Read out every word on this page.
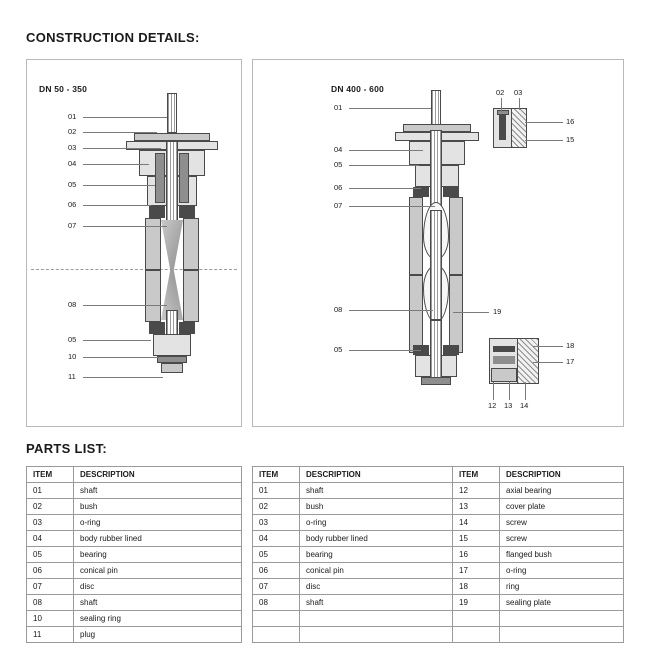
CONSTRUCTION DETAILS:
PARTS LIST:
DN 50 - 350
01
02
03
04
05
06
07
08
05
10
11
DN 400 - 600
01
04
05
06
07
08
05
02 03
16
15
19
18
17
12 13 14
ITEM	DESCRIPTION
01	shaft
02	bush
03	o-ring
04	body rubber lined
05	bearing
06	conical pin
07	disc
08	shaft
10	sealing ring
11	plug
ITEM	DESCRIPTION	ITEM	DESCRIPTION
01	shaft	12	axial bearing
02	bush	13	cover plate
03	o-ring	14	screw
04	body rubber lined	15	screw
05	bearing	16	flanged bush
06	conical pin	17	o-ring
07	disc	18	ring
08	shaft	19	sealing plate
